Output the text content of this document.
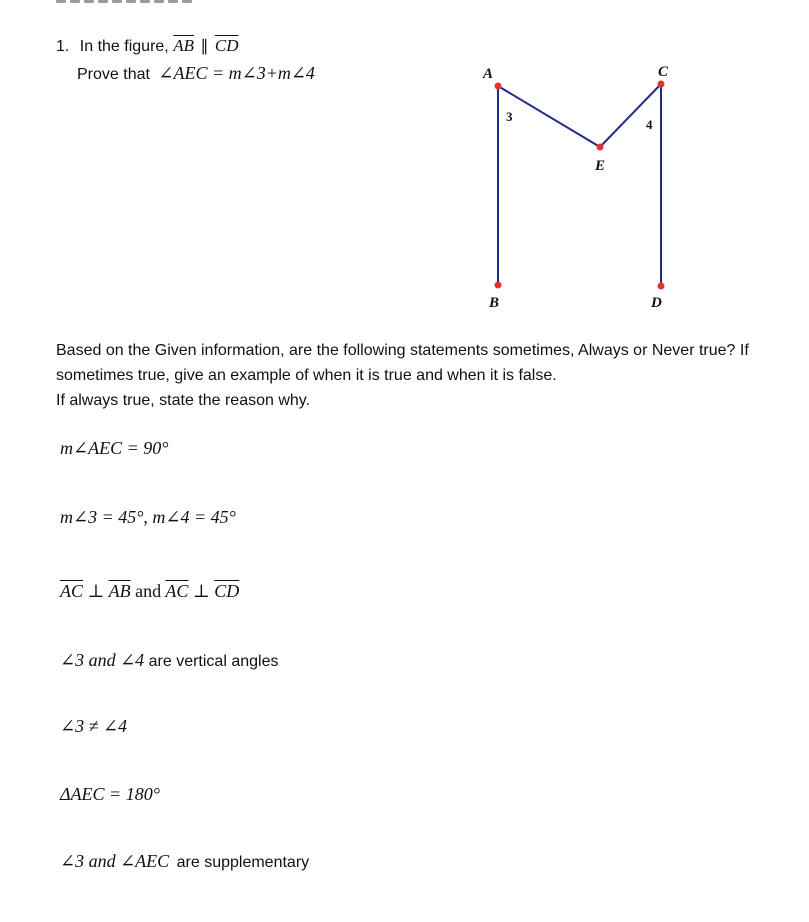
1. In the figure, $\overline{AB}$ ∥ $\overline{CD}$
Prove that ∠AEC = m∠3+m∠4	A
B
E
C
D
3
4
Based on the Given information, are the following statements sometimes, Always or Never true? If
sometimes true, give an example of when it is true and when it is false.
If always true, state the reason why.
m∠AEC = 90°
m∠3 = 45°, m∠4 = 45°
$\overline{AC}$ ⊥ $\overline{AB}$ and $\overline{AC}$ ⊥ $\overline{CD}$
∠3 and ∠4 are vertical angles
∠3 ≠ ∠4
ΔAEC = 180°
∠3 and ∠AEC are supplementary
